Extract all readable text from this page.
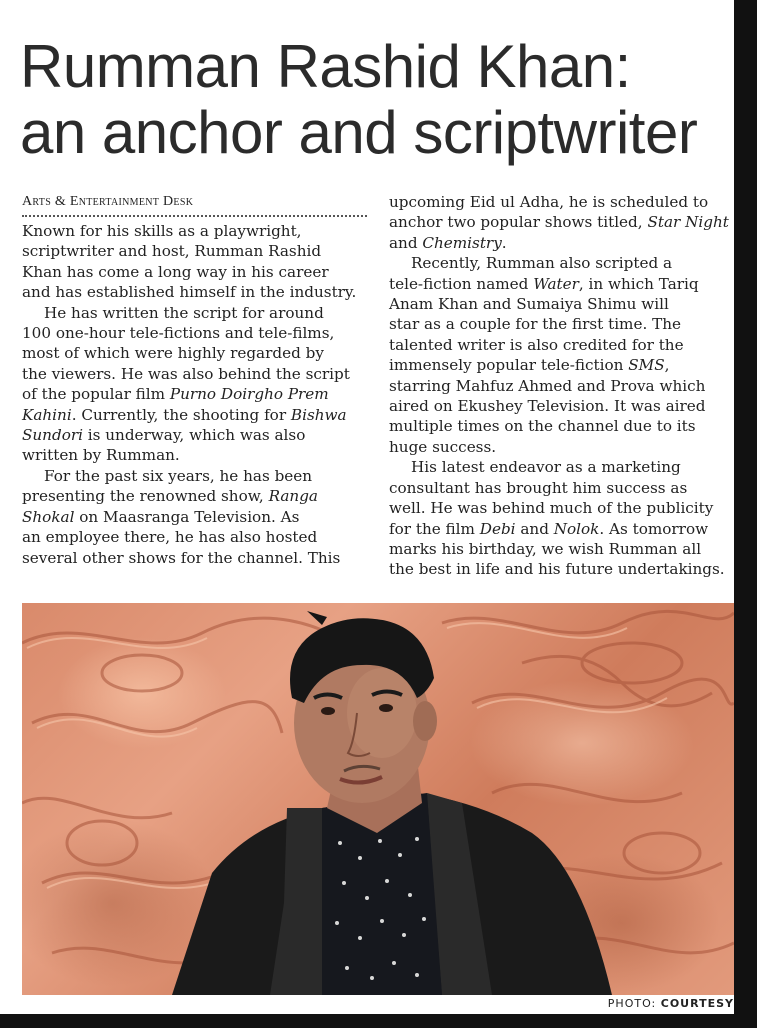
Rumman Rashid Khan:
an anchor and scriptwriter
Arts & Entertainment Desk

Known for his skills as a playwright,
scriptwriter and host, Rumman Rashid
Khan has come a long way in his career
and has established himself in the industry.

He has written the script for around
100 one-hour tele-fictions and tele-films,
most of which were highly regarded by
the viewers. He was also behind the script
of the popular film Purno Doirgho Prem
Kahini. Currently, the shooting for Bishwa
Sundori is underway, which was also
written by Rumman.

For the past six years, he has been
presenting the renowned show, Ranga
Shokal on Maasranga Television. As
an employee there, he has also hosted
several other shows for the channel. This

upcoming Eid ul Adha, he is scheduled to
anchor two popular shows titled, Star Night
and Chemistry.

Recently, Rumman also scripted a
tele-fiction named Water, in which Tariq
Anam Khan and Sumaiya Shimu will
star as a couple for the first time. The
talented writer is also credited for the
immensely popular tele-fiction SMS,
starring Mahfuz Ahmed and Prova which
aired on Ekushey Television. It was aired
multiple times on the channel due to its
huge success.

His latest endeavor as a marketing
consultant has brought him success as
well. He was behind much of the publicity
for the film Debi and Nolok. As tomorrow
marks his birthday, we wish Rumman all
the best in life and his future undertakings.

PHOTO: COURTESY
